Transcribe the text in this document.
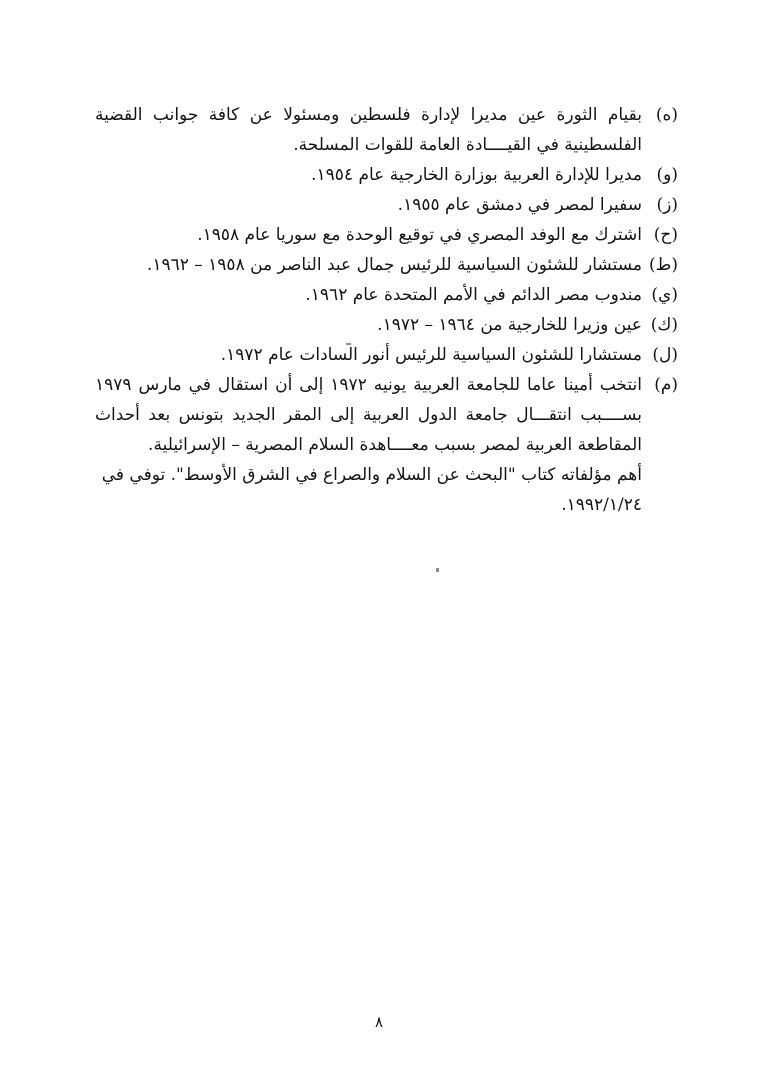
(ه)
بقيام الثورة عين مديرا لإدارة فلسطين ومسئولا عن كافة جوانب القضية الفلسطينية في القيــــادة العامة للقوات المسلحة.
(و)
مديرا للإدارة العربية بوزارة الخارجية عام ١٩٥٤.
(ز)
سفيرا لمصر في دمشق عام ١٩٥٥.
(ح)
اشترك مع الوفد المصري في توقيع الوحدة مع سوريا عام ١٩٥٨.
(ط)
مستشار للشئون السياسية للرئيس جمال عبد الناصر من ١٩٥٨ – ١٩٦٢.
(ي)
مندوب مصر الدائم في الأمم المتحدة عام ١٩٦٢.
(ك)
عين وزيرا للخارجية من ١٩٦٤ – ١٩٧٢.
(ل)
مستشارا للشئون السياسية للرئيس أنور السادات عام ١٩٧٢.
(م)
انتخب أمينا عاما للجامعة العربية يونيه ١٩٧٢ إلى أن استقال في مارس ١٩٧٩ بســــبب انتقـــال جامعة الدول العربية إلى المقر الجديد بتونس بعد أحداث المقاطعة العربية لمصر بسبب معــــاهدة السلام المصرية – الإسرائيلية.
أهم مؤلفاته كتاب "البحث عن السلام والصراع في الشرق الأوسط". توفي في ١٩٩٢/١/٢٤.
٨
